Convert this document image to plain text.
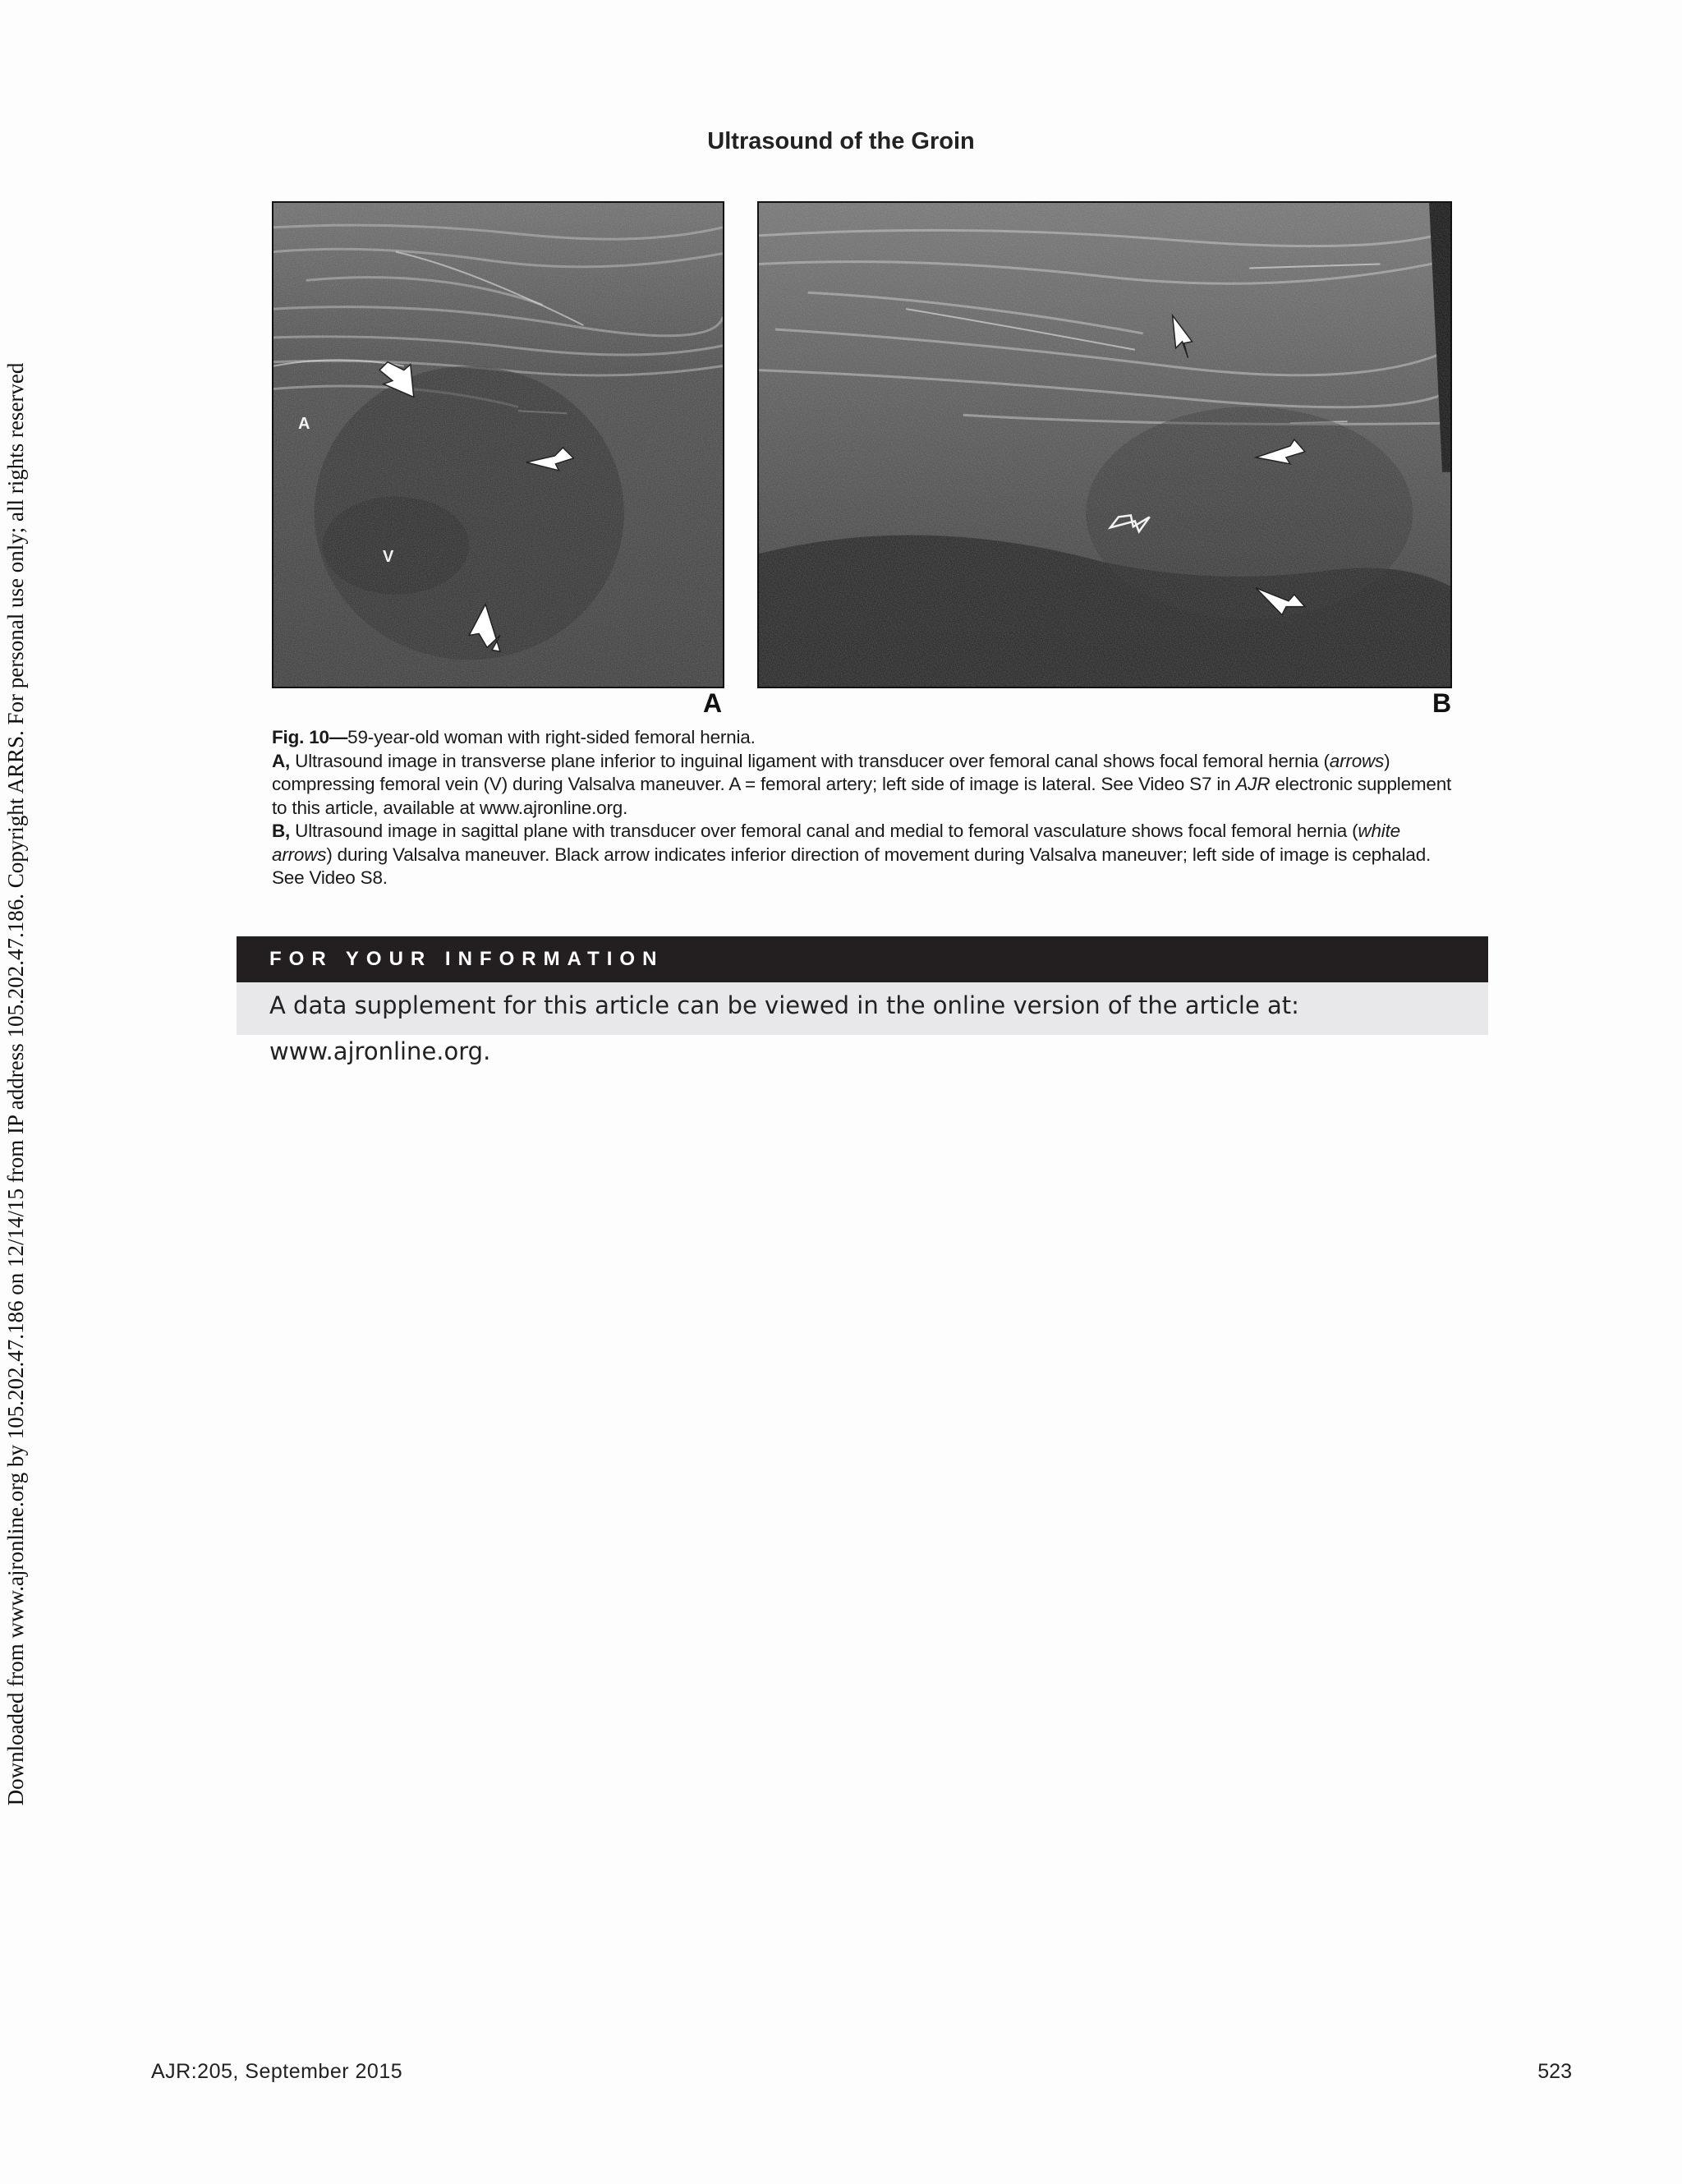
Ultrasound of the Groin
Downloaded from www.ajronline.org by 105.202.47.186 on 12/14/15 from IP address 105.202.47.186. Copyright ARRS. For personal use only; all rights reserved	A
V
A	B

Fig. 10—59-year-old woman with right-sided femoral hernia.

A, Ultrasound image in transverse plane inferior to inguinal ligament with transducer over femoral canal shows focal femoral hernia (arrows) compressing femoral vein (V) during Valsalva maneuver. A = femoral artery; left side of image is lateral. See Video S7 in AJR electronic supplement to this article, available at www.ajronline.org.

B, Ultrasound image in sagittal plane with transducer over femoral canal and medial to femoral vasculature shows focal femoral hernia (white arrows) during Valsalva maneuver. Black arrow indicates inferior direction of movement during Valsalva maneuver; left side of image is cephalad. See Video S8.

FOR YOUR INFORMATION
A data supplement for this article can be viewed in the online version of the article at: www.ajronline.org.
AJR:205, September 2015	523
